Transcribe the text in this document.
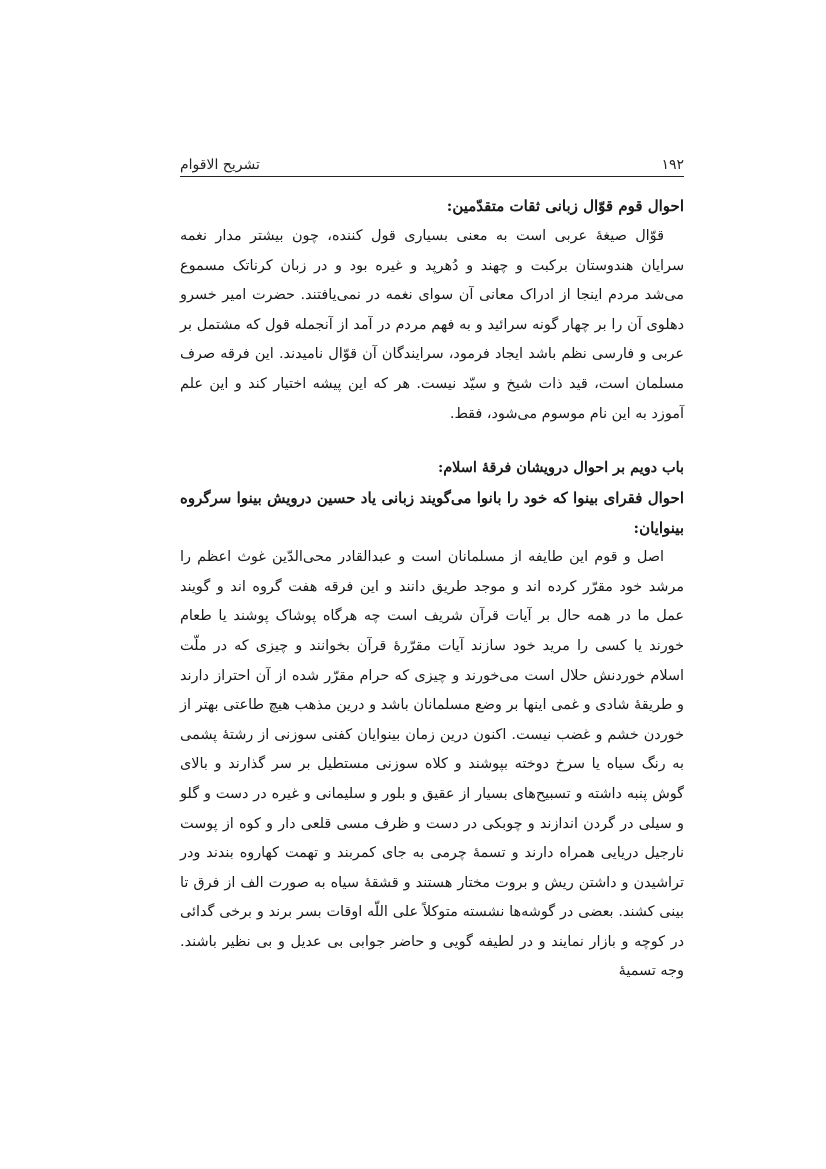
۱۹۲
تشریح الاقوام

احوال قوم قوّال زبانی ثقات متقدّمین:

قوّال صیغۀ عربی است به معنی بسیاری قول کننده، چون بیشتر مدار نغمه سرایان هندوستان برکبت و چهند و دُهرپد و غیره بود و در زبان کرناتک مسموع می‌شد مردم اینجا از ادراک معانی آن سوای نغمه در نمی‌یافتند. حضرت امیر خسرو دهلوی آن را بر چهار گونه سرائید و به فهم مردم در آمد از آنجمله قول که مشتمل بر عربی و فارسی نظم باشد ایجاد فرمود، سرایندگان آن قوّال نامیدند. این فرقه صرف مسلمان است، قید ذات شیخ و سیّد نیست. هر که این پیشه اختیار کند و این علم آموزد به این نام موسوم می‌شود، فقط.

باب دویم بر احوال درویشان فرقۀ اسلام:

احوال فقرای بینوا که خود را بانوا می‌گویند زبانی یاد حسین درویش بینوا سرگروه بینوایان:

اصل و قوم این طایفه از مسلمانان است و عبدالقادر محی‌الدّین غوث اعظم را مرشد خود مقرّر کرده اند و موجد طریق دانند و این فرقه هفت گروه اند و گویند عمل ما در همه حال بر آیات قرآن شریف است چه هرگاه پوشاک پوشند یا طعام خورند یا کسی را مرید خود سازند آیات مقرّرۀ قرآن بخوانند و چیزی که در ملّت اسلام خوردنش حلال است می‌خورند و چیزی که حرام مقرّر شده از آن احتراز دارند و طریقۀ شادی و غمی اینها بر وضع مسلمانان باشد و درین مذهب هیچ طاعتی بهتر از خوردن خشم و غضب نیست. اکنون درین زمان بینوایان کفنی سوزنی از رشتۀ پشمی به رنگ سیاه یا سرخ دوخته بپوشند و کلاه سوزنی مستطیل بر سر گذارند و بالای گوش پنبه داشته و تسبیح‌های بسیار از عقیق و بلور و سلیمانی و غیره در دست و گلو و سیلی در گردن اندازند و چوبکی در دست و ظرف مسی قلعی دار و کوه از پوست نارجیل دریایی همراه دارند و تسمۀ چرمی به جای کمربند و تهمت کهاروه بندند ودر تراشیدن و داشتن ریش و بروت مختار هستند و قشقۀ سیاه به صورت الف از فرق تا بینی کشند. بعضی در گوشه‌ها نشسته متوکلاً علی اللّه اوقات بسر برند و برخی گدائی در کوچه و بازار نمایند و در لطیفه گویی و حاضر جوابی بی عدیل و بی نظیر باشند. وجه تسمیۀ
